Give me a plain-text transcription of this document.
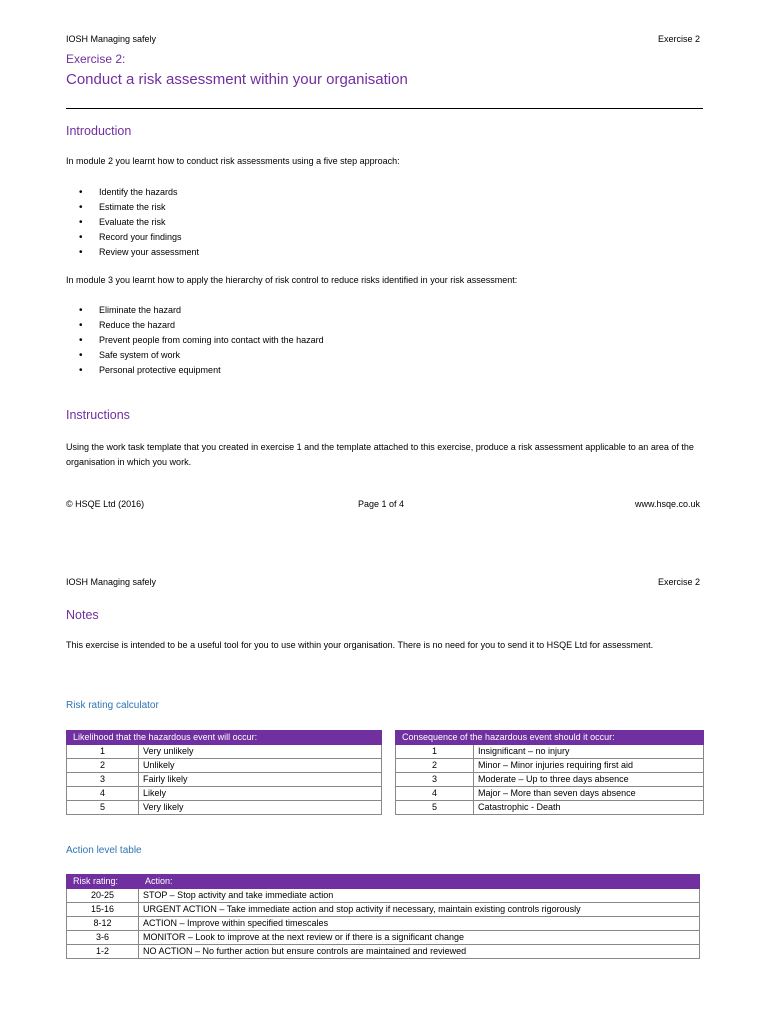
IOSH Managing safely	Exercise 2
Exercise 2:
Conduct a risk assessment within your organisation
Introduction
In module 2 you learnt how to conduct risk assessments using a five step approach:
• Identify the hazards
• Estimate the risk
• Evaluate the risk
• Record your findings
• Review your assessment
In module 3 you learnt how to apply the hierarchy of risk control to reduce risks identified in your risk assessment:
• Eliminate the hazard
• Reduce the hazard
• Prevent people from coming into contact with the hazard
• Safe system of work
• Personal protective equipment
Instructions
Using the work task template that you created in exercise 1 and the template attached to this exercise, produce a risk assessment applicable to an area of the organisation in which you work.
© HSQE Ltd (2016)	Page 1 of 4	www.hsqe.co.uk
IOSH Managing safely	Exercise 2
Notes
This exercise is intended to be a useful tool for you to use within your organisation. There is no need for you to send it to HSQE Ltd for assessment.
Risk rating calculator
Likelihood that the hazardous event will occur:	
1	Very unlikely
2	Unlikely
3	Fairly likely
4	Likely
5	Very likely
Consequence of the hazardous event should it occur:	
1	Insignificant – no injury
2	Minor – Minor injuries requiring first aid
3	Moderate – Up to three days absence
4	Major – More than seven days absence
5	Catastrophic - Death
Action level table
Risk rating:	Action:
20-25	STOP – Stop activity and take immediate action
15-16	URGENT ACTION – Take immediate action and stop activity if necessary, maintain existing controls rigorously
8-12	ACTION – Improve within specified timescales
3-6	MONITOR – Look to improve at the next review or if there is a significant change
1-2	NO ACTION – No further action but ensure controls are maintained and reviewed
